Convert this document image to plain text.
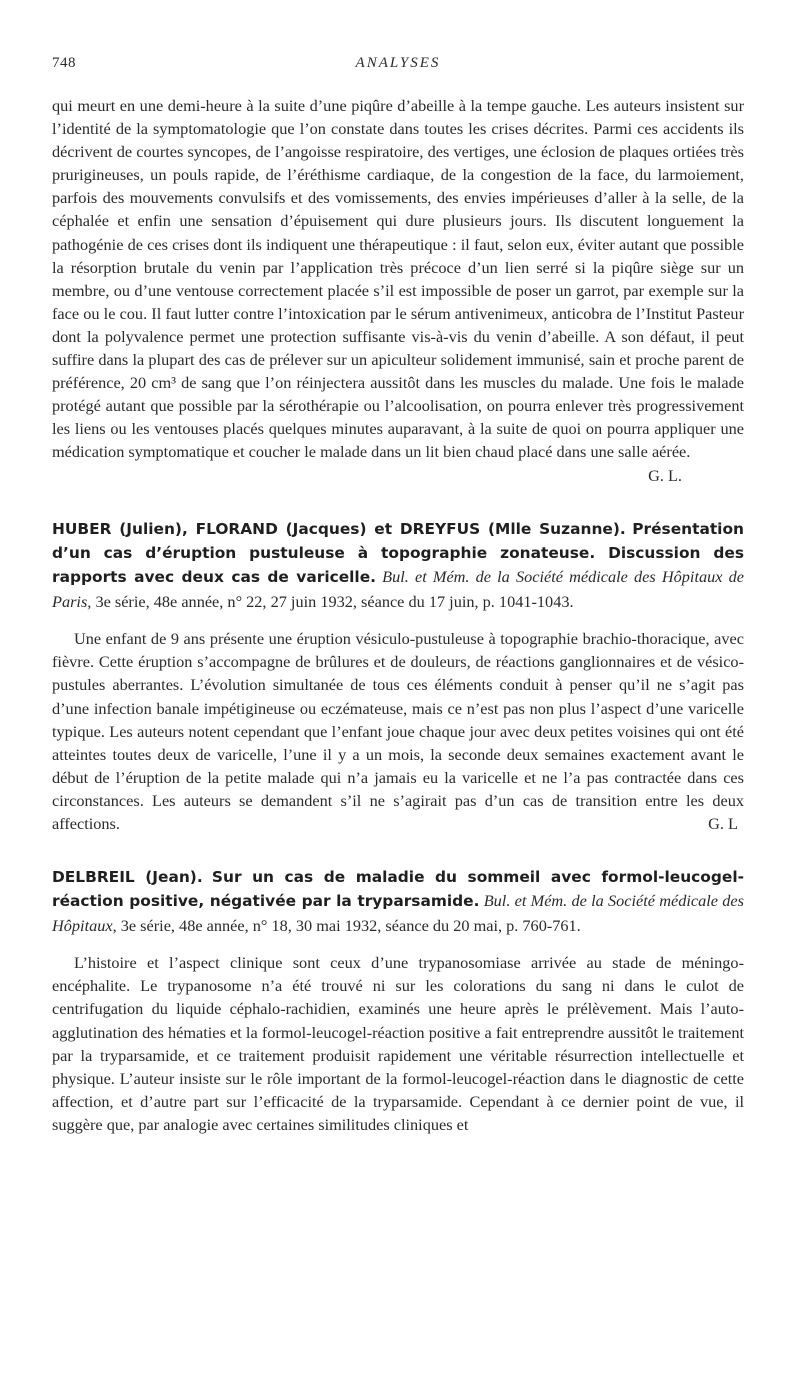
748	ANALYSES

qui meurt en une demi-heure à la suite d’une piqûre d’abeille à la tempe gauche. Les auteurs insistent sur l’identité de la symptomatologie que l’on constate dans toutes les crises décrites. Parmi ces accidents ils décrivent de courtes syncopes, de l’angoisse respiratoire, des vertiges, une éclosion de plaques ortiées très prurigineuses, un pouls rapide, de l’éréthisme cardiaque, de la congestion de la face, du larmoiement, parfois des mouvements convulsifs et des vomissements, des envies impérieuses d’aller à la selle, de la céphalée et enfin une sensation d’épuisement qui dure plusieurs jours. Ils discutent longuement la pathogénie de ces crises dont ils indiquent une thérapeutique : il faut, selon eux, éviter autant que possible la résorption brutale du venin par l’application très précoce d’un lien serré si la piqûre siège sur un membre, ou d’une ventouse correctement placée s’il est impossible de poser un garrot, par exemple sur la face ou le cou. Il faut lutter contre l’intoxication par le sérum antivenimeux, anticobra de l’Institut Pasteur dont la polyvalence permet une protection suffisante vis-à-vis du venin d’abeille. A son défaut, il peut suffire dans la plupart des cas de prélever sur un apiculteur solidement immunisé, sain et proche parent de préférence, 20 cm³ de sang que l’on réinjectera aussitôt dans les muscles du malade. Une fois le malade protégé autant que possible par la sérothérapie ou l’alcoolisation, on pourra enlever très progressivement les liens ou les ventouses placés quelques minutes auparavant, à la suite de quoi on pourra appliquer une médication symptomatique et coucher le malade dans un lit bien chaud placé dans une salle aérée.
G. L.

HUBER (Julien), FLORAND (Jacques) et DREYFUS (Mlle Suzanne). Présentation d’un cas d’éruption pustuleuse à topographie zonateuse. Discussion des rapports avec deux cas de varicelle. Bul. et Mém. de la Société médicale des Hôpitaux de Paris, 3e série, 48e année, n° 22, 27 juin 1932, séance du 17 juin, p. 1041-1043.

Une enfant de 9 ans présente une éruption vésiculo-pustuleuse à topographie brachio-thoracique, avec fièvre. Cette éruption s’accompagne de brûlures et de douleurs, de réactions ganglionnaires et de vésico-pustules aberrantes. L’évolution simultanée de tous ces éléments conduit à penser qu’il ne s’agit pas d’une infection banale impétigineuse ou eczémateuse, mais ce n’est pas non plus l’aspect d’une varicelle typique. Les auteurs notent cependant que l’enfant joue chaque jour avec deux petites voisines qui ont été atteintes toutes deux de varicelle, l’une il y a un mois, la seconde deux semaines exactement avant le début de l’éruption de la petite malade qui n’a jamais eu la varicelle et ne l’a pas contractée dans ces circonstances. Les auteurs se demandent s’il ne s’agirait pas d’un cas de transition entre les deux affections.	G. L

DELBREIL (Jean). Sur un cas de maladie du sommeil avec formol-leucogel-réaction positive, négativée par la tryparsamide. Bul. et Mém. de la Société médicale des Hôpitaux, 3e série, 48e année, n° 18, 30 mai 1932, séance du 20 mai, p. 760-761.

L’histoire et l’aspect clinique sont ceux d’une trypanosomiase arrivée au stade de méningo-encéphalite. Le trypanosome n’a été trouvé ni sur les colorations du sang ni dans le culot de centrifugation du liquide céphalo-rachidien, examinés une heure après le prélèvement. Mais l’auto-agglutination des hématies et la formol-leucogel-réaction positive a fait entreprendre aussitôt le traitement par la tryparsamide, et ce traitement produisit rapidement une véritable résurrection intellectuelle et physique. L’auteur insiste sur le rôle important de la formol-leucogel-réaction dans le diagnostic de cette affection, et d’autre part sur l’efficacité de la tryparsamide. Cependant à ce dernier point de vue, il suggère que, par analogie avec certaines similitudes cliniques et
